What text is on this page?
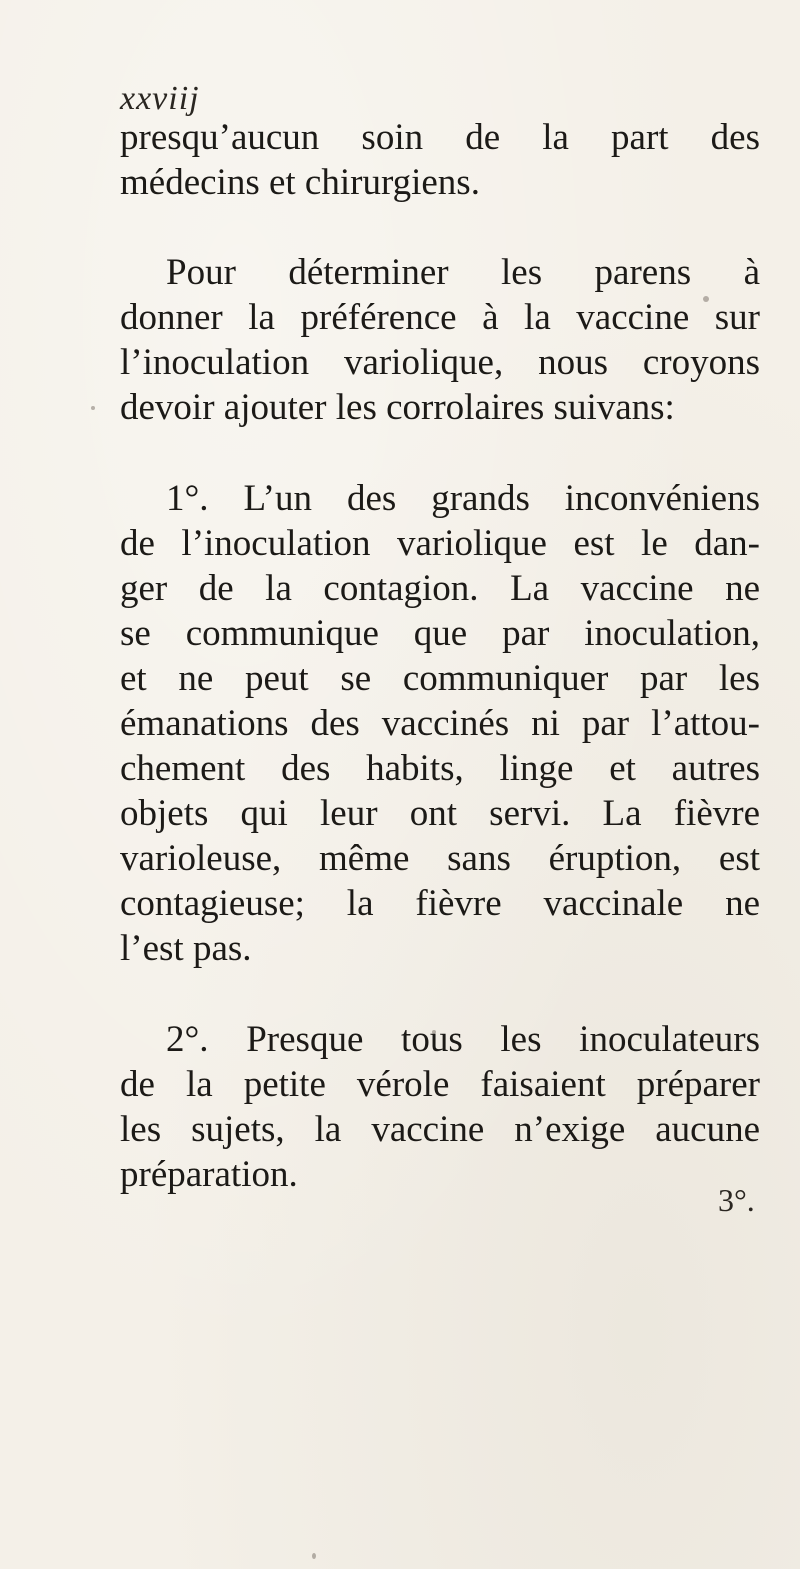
xxviij

presqu’aucun soin de la part des
médecins et chirurgiens.

Pour déterminer les parens à
donner la préférence à la vaccine sur
l’inoculation variolique, nous croyons
devoir ajouter les corrolaires suivans:

1°. L’un des grands inconvéniens
de l’inoculation variolique est le dan-
ger de la contagion. La vaccine ne
se communique que par inoculation,
et ne peut se communiquer par les
émanations des vaccinés ni par l’attou-
chement des habits, linge et autres
objets qui leur ont servi. La fièvre
varioleuse, même sans éruption, est
contagieuse; la fièvre vaccinale ne
l’est pas.

2°. Presque tous les inoculateurs
de la petite vérole faisaient préparer
les sujets, la vaccine n’exige aucune
préparation.

3°.
